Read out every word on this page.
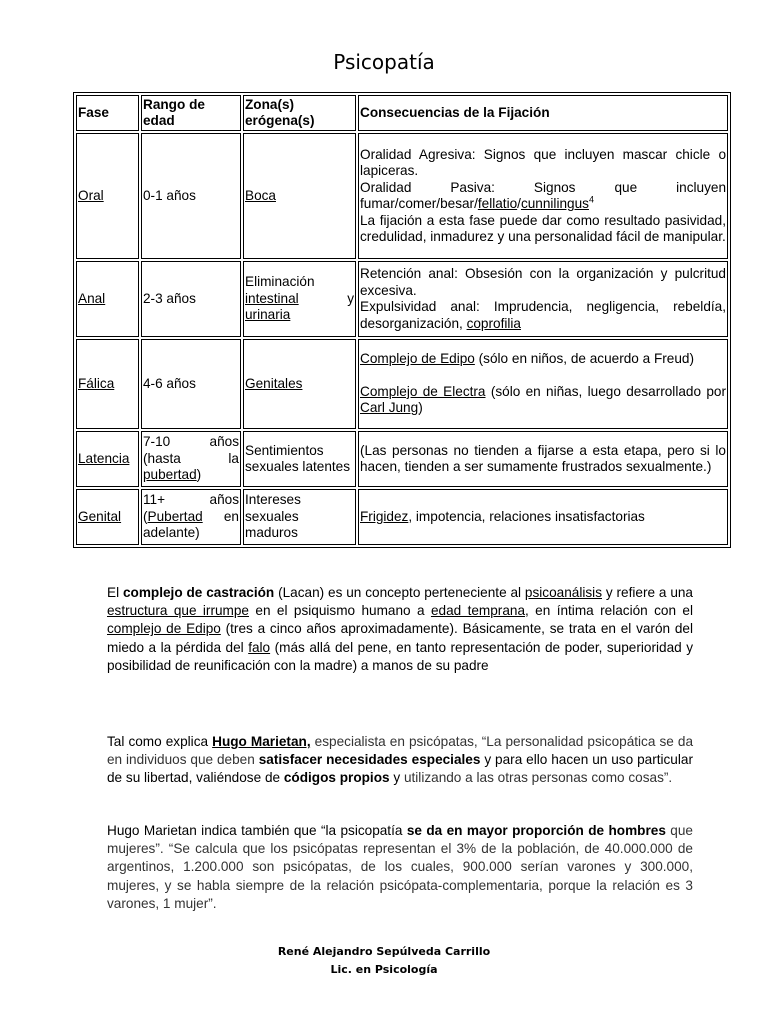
Psicopatía
Fase	Rango de edad	Zona(s) erógena(s)	Consecuencias de la Fijación
Oral	0-1 años	Boca	Oralidad Agresiva: Signos que incluyen mascar chicle o lapiceras.
Oralidad Pasiva: Signos que incluyen fumar/comer/besar/fellatio/cunnilingus$^4$
La fijación a esta fase puede dar como resultado pasividad, credulidad, inmadurez y una personalidad fácil de manipular.

Anal	2-3 años	Eliminación intestinal y urinaria	Retención anal: Obsesión con la organización y pulcritud excesiva.
Expulsividad anal: Imprudencia, negligencia, rebeldía, desorganización, coprofilia

Fálica	4-6 años	Genitales	Complejo de Edipo (sólo en niños, de acuerdo a Freud)
Complejo de Electra (sólo en niñas, luego desarrollado por Carl Jung)

Latencia	7-10 años (hasta la pubertad)	Sentimientos sexuales latentes	(Las personas no tienden a fijarse a esta etapa, pero si lo hacen, tienden a ser sumamente frustrados sexualmente.)
Genital	11+ años (Pubertad en adelante)	Intereses sexuales maduros	Frigidez, impotencia, relaciones insatisfactorias

El complejo de castración (Lacan) es un concepto perteneciente al psicoanálisis y refiere a una estructura que irrumpe en el psiquismo humano a edad temprana, en íntima relación con el complejo de Edipo (tres a cinco años aproximadamente). Básicamente, se trata en el varón del miedo a la pérdida del falo (más allá del pene, en tanto representación de poder, superioridad y posibilidad de reunificación con la madre) a manos de su padre

Tal como explica Hugo Marietan, especialista en psicópatas, “La personalidad psicopática se da en individuos que deben satisfacer necesidades especiales y para ello hacen un uso particular de su libertad, valiéndose de códigos propios y utilizando a las otras personas como cosas”.

Hugo Marietan indica también que “la psicopatía se da en mayor proporción de hombres que mujeres”. “Se calcula que los psicópatas representan el 3% de la población, de 40.000.000 de argentinos, 1.200.000 son psicópatas, de los cuales, 900.000 serían varones y 300.000, mujeres, y se habla siempre de la relación psicópata-complementaria, porque la relación es 3 varones, 1 mujer”.

René Alejandro Sepúlveda Carrillo
Lic. en Psicología
